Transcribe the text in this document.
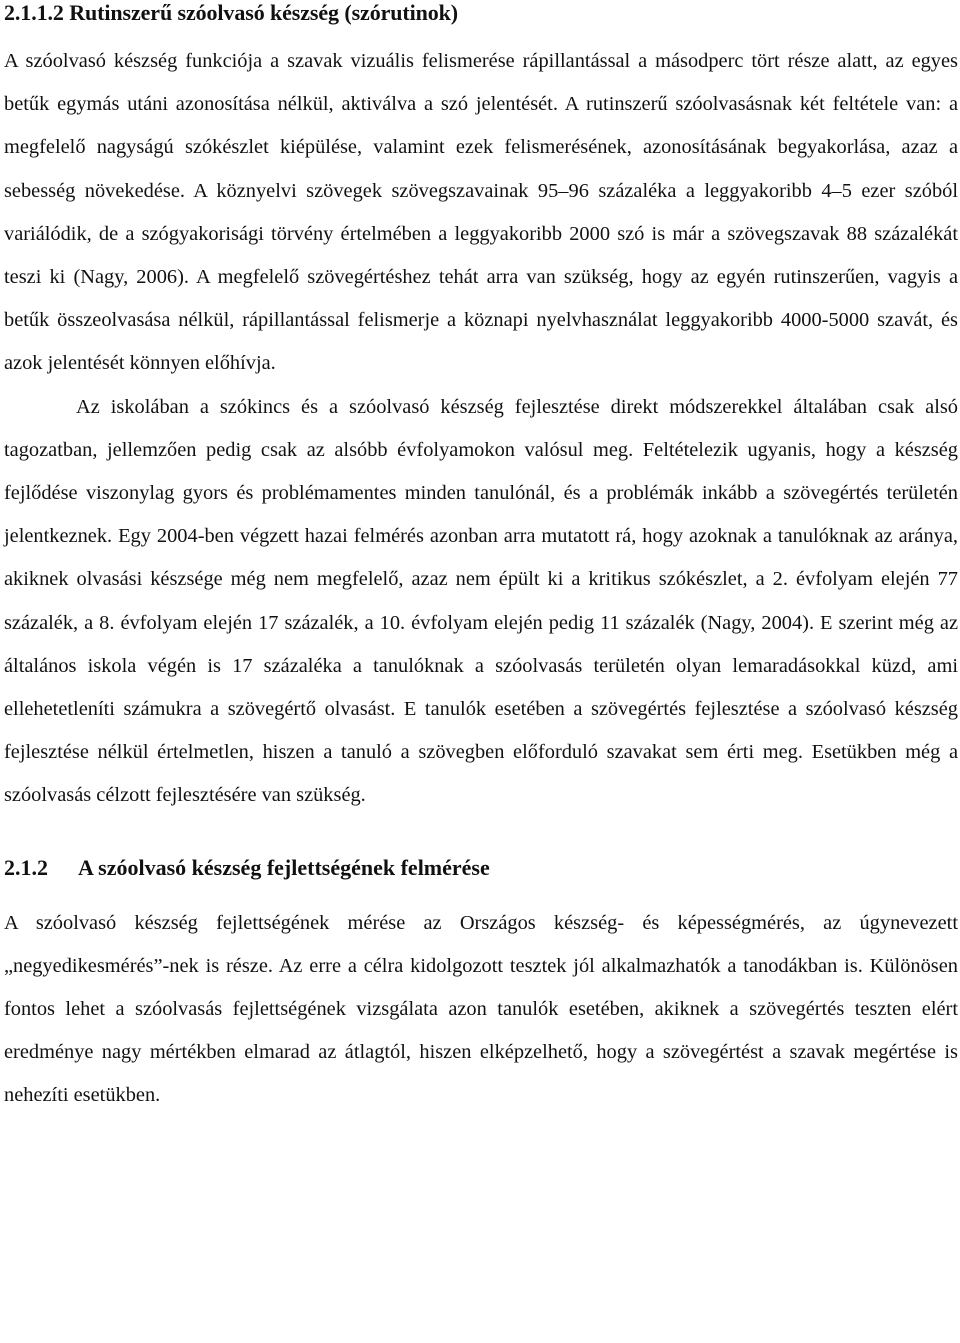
2.1.1.2 Rutinszerű szóolvasó készség (szórutinok)

A szóolvasó készség funkciója a szavak vizuális felismerése rápillantással a másodperc tört része alatt, az egyes betűk egymás utáni azonosítása nélkül, aktiválva a szó jelentését. A rutinszerű szóolvasásnak két feltétele van: a megfelelő nagyságú szókészlet kiépülése, valamint ezek felismerésének, azonosításának begyakorlása, azaz a sebesség növekedése. A köznyelvi szövegek szövegszavainak 95–96 százaléka a leggyakoribb 4–5 ezer szóból variálódik, de a szógyakorisági törvény értelmében a leggyakoribb 2000 szó is már a szövegszavak 88 százalékát teszi ki (Nagy, 2006). A megfelelő szövegértéshez tehát arra van szükség, hogy az egyén rutinszerűen, vagyis a betűk összeolvasása nélkül, rápillantással felismerje a köznapi nyelvhasználat leggyakoribb 4000-5000 szavát, és azok jelentését könnyen előhívja.

Az iskolában a szókincs és a szóolvasó készség fejlesztése direkt módszerekkel általában csak alsó tagozatban, jellemzően pedig csak az alsóbb évfolyamokon valósul meg. Feltételezik ugyanis, hogy a készség fejlődése viszonylag gyors és problémamentes minden tanulónál, és a problémák inkább a szövegértés területén jelentkeznek. Egy 2004-ben végzett hazai felmérés azonban arra mutatott rá, hogy azoknak a tanulóknak az aránya, akiknek olvasási készsége még nem megfelelő, azaz nem épült ki a kritikus szókészlet, a 2. évfolyam elején 77 százalék, a 8. évfolyam elején 17 százalék, a 10. évfolyam elején pedig 11 százalék (Nagy, 2004). E szerint még az általános iskola végén is 17 százaléka a tanulóknak a szóolvasás területén olyan lemaradásokkal küzd, ami ellehetetleníti számukra a szövegértő olvasást. E tanulók esetében a szövegértés fejlesztése a szóolvasó készség fejlesztése nélkül értelmetlen, hiszen a tanuló a szövegben előforduló szavakat sem érti meg. Esetükben még a szóolvasás célzott fejlesztésére van szükség.

2.1.2 A szóolvasó készség fejlettségének felmérése

A szóolvasó készség fejlettségének mérése az Országos készség- és képességmérés, az úgynevezett „negyedikesmérés”-nek is része. Az erre a célra kidolgozott tesztek jól alkalmazhatók a tanodákban is. Különösen fontos lehet a szóolvasás fejlettségének vizsgálata azon tanulók esetében, akiknek a szövegértés teszten elért eredménye nagy mértékben elmarad az átlagtól, hiszen elképzelhető, hogy a szövegértést a szavak megértése is nehezíti esetükben.
